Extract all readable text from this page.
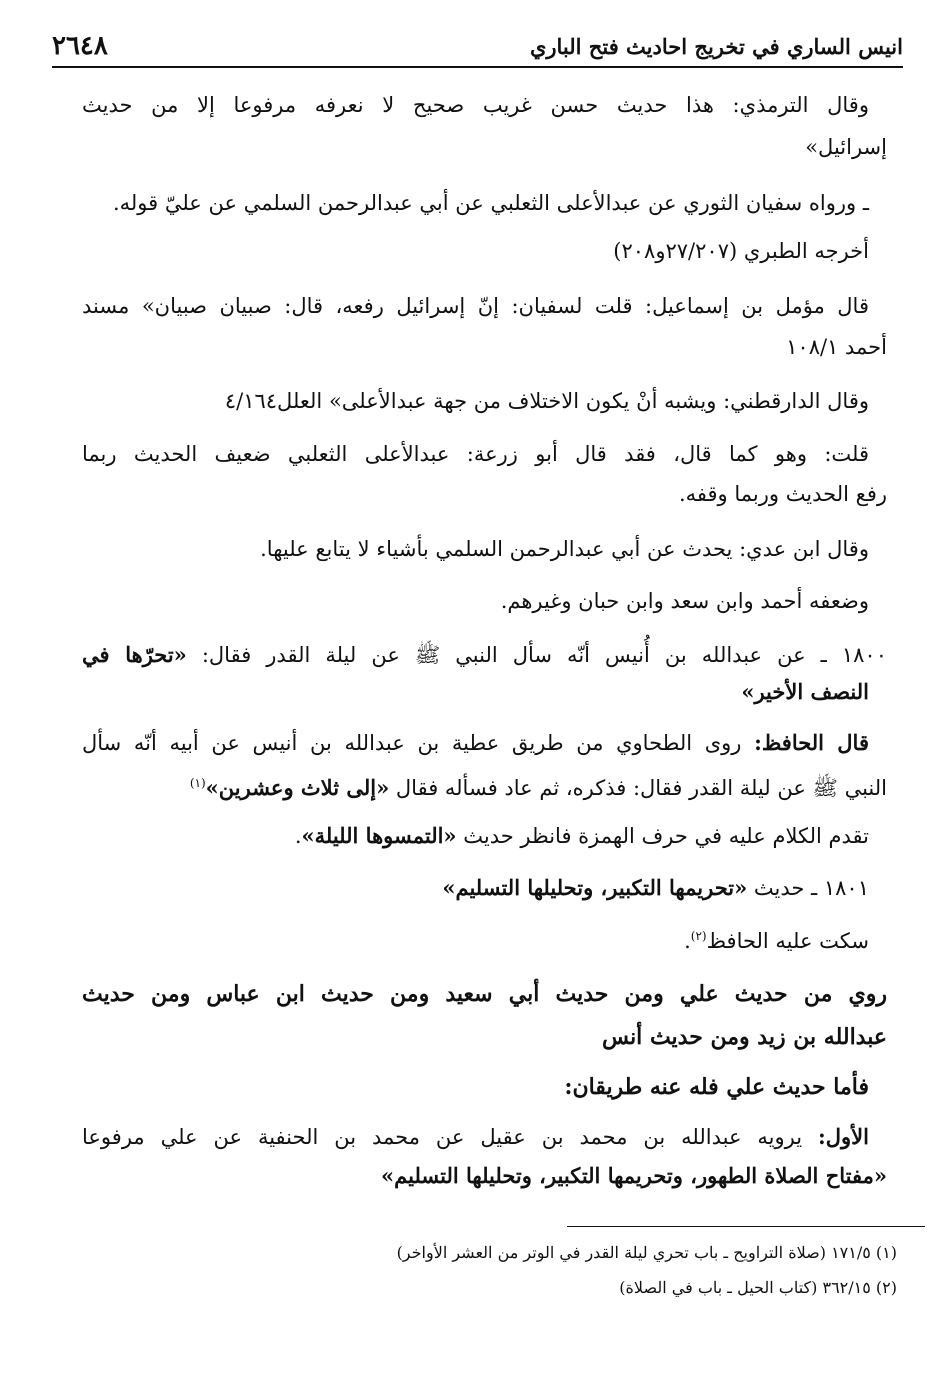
انيس الساري في تخريج احاديث فتح الباري
٢٦٤٨
وقال الترمذي: هذا حديث حسن غريب صحيح لا نعرفه مرفوعا إلا من حديث
إسرائيل»
ـ ورواه سفيان الثوري عن عبدالأعلى الثعلبي عن أبي عبدالرحمن السلمي عن عليّ قوله.
أخرجه الطبري (٢٧/٢٠٧و٢٠٨)
قال مؤمل بن إسماعيل: قلت لسفيان: إنّ إسرائيل رفعه، قال: صبيان صبيان» مسند
أحمد ١٠٨/١
وقال الدارقطني: ويشبه أنْ يكون الاختلاف من جهة عبدالأعلى» العلل٤/١٦٤
قلت: وهو كما قال، فقد قال أبو زرعة: عبدالأعلى الثعلبي ضعيف الحديث ربما
رفع الحديث وربما وقفه.
وقال ابن عدي: يحدث عن أبي عبدالرحمن السلمي بأشياء لا يتابع عليها.
وضعفه أحمد وابن سعد وابن حبان وغيرهم.
١٨٠٠ ـ عن عبدالله بن أُنيس أنّه سأل النبي ﷺ عن ليلة القدر فقال: «تحرّها في
النصف الأخير»
قال الحافظ: روى الطحاوي من طريق عطية بن عبدالله بن أنيس عن أبيه أنّه سأل
النبي ﷺ عن ليلة القدر فقال: فذكره، ثم عاد فسأله فقال «إلى ثلاث وعشرين»$^{(١)}$
تقدم الكلام عليه في حرف الهمزة فانظر حديث «التمسوها الليلة».
١٨٠١ ـ حديث «تحريمها التكبير، وتحليلها التسليم»
سكت عليه الحافظ$^{(٢)}$.
روي من حديث علي ومن حديث أبي سعيد ومن حديث ابن عباس ومن حديث
عبدالله بن زيد ومن حديث أنس
فأما حديث علي فله عنه طريقان:
الأول: يرويه عبدالله بن محمد بن عقيل عن محمد بن الحنفية عن علي مرفوعا
«مفتاح الصلاة الطهور، وتحريمها التكبير، وتحليلها التسليم»
(١) ١٧١/٥ (صلاة التراويح ـ باب تحري ليلة القدر في الوتر من العشر الأواخر)
(٢) ٣٦٢/١٥ (كتاب الحيل ـ باب في الصلاة)
